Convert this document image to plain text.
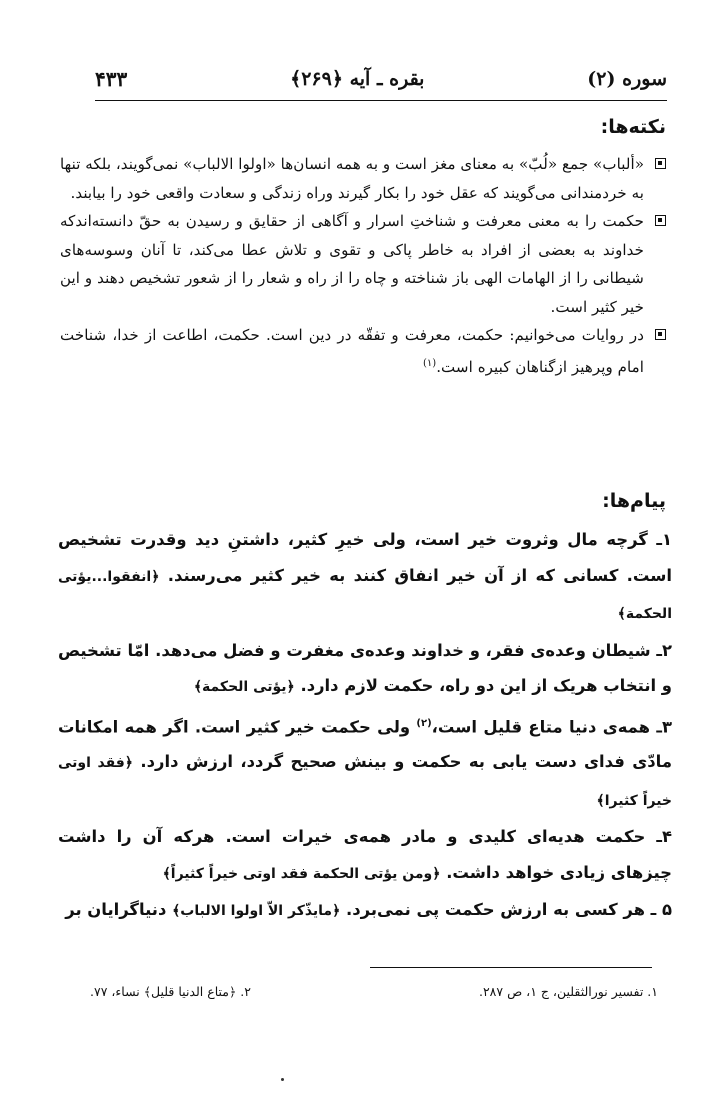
سوره (۲)
بقره ـ آیه ﴿۲۶۹﴾
۴۳۳
نکته‌ها:

«ألباب» جمع «لُبّ» به معنای مغز است و به همه انسان‌ها «اولوا الالباب» نمی‌گویند، بلکه تنها به خردمندانی می‌گویند که عقل خود را بکار گیرند وراه زندگی و سعادت واقعی خود را بیابند.

حکمت را به معنی معرفت و شناختِ اسرار و آگاهی از حقایق و رسیدن به حقّ دانسته‌اندکه خداوند به بعضی از افراد به خاطر پاکی و تقوی و تلاش عطا می‌کند، تا آنان وسوسه‌های شیطانی را از الهامات الهی باز شناخته و چاه را از راه و شعار را از شعور تشخیص دهند و این خیر کثیر است.

در روایات می‌خوانیم: حکمت، معرفت و تفقّه در دین است. حکمت، اطاعت از خدا، شناخت امام وپرهیز ازگناهان کبیره است.$^{(۱)}$

پیام‌ها:

۱ـ گرچه مال وثروت خیر است، ولی خیرِ کثیر، داشتنِ دید وقدرت تشخیص است. کسانی که از آن خیر انفاق کنند به خیر کثیر می‌رسند. ﴿انفقوا...یؤتی الحکمة﴾

۲ـ شیطان وعده‌ی فقر، و خداوند وعده‌ی مغفرت و فضل می‌دهد. امّا تشخیص و انتخاب هریک از این دو راه، حکمت لازم دارد. ﴿یؤتی الحکمة﴾

۳ـ همه‌ی دنیا متاع قلیل است،$^{(۲)}$ ولی حکمت خیر کثیر است. اگر همه امکانات مادّی فدای دست یابی به حکمت و بینش صحیح گردد، ارزش دارد. ﴿فقد اوتی خیراً کثیرا﴾

۴ـ حکمت هدیه‌ای کلیدی و مادر همه‌ی خیرات است. هرکه آن را داشت چیزهای زیادی خواهد داشت. ﴿ومن یؤتی الحکمة فقد اوتی خیراً کثیراً﴾

۵ ـ هر کسی به ارزش حکمت پی نمی‌برد. ﴿مایذّکر الاّ اولوا الالباب﴾ دنیاگرایان بر

۱. تفسیر نورالثقلین، ج ۱، ص ۲۸۷.
۲. ﴿متاع الدنیا قلیل﴾ نساء، ۷۷.
